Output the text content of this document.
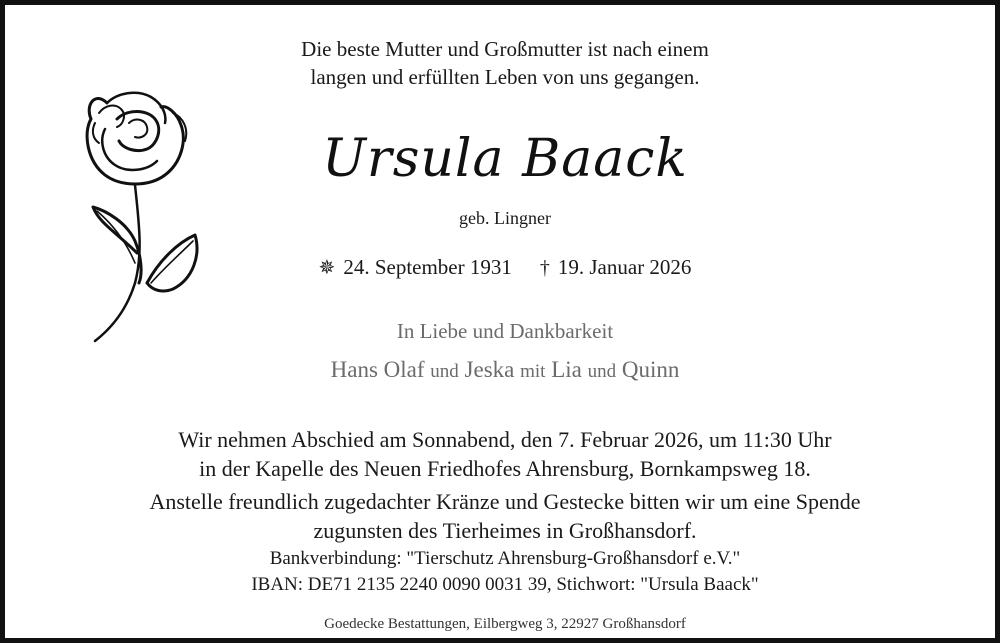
Die beste Mutter und Großmutter ist nach einem
langen und erfüllten Leben von uns gegangen.
Ursula Baack
geb. Lingner
✵ 24. September 1931 † 19. Januar 2026
In Liebe und Dankbarkeit
Hans Olaf und Jeska mit Lia und Quinn
Wir nehmen Abschied am Sonnabend, den 7. Februar 2026, um 11:30 Uhr
in der Kapelle des Neuen Friedhofes Ahrensburg, Bornkampsweg 18.
Anstelle freundlich zugedachter Kränze und Gestecke bitten wir um eine Spende
zugunsten des Tierheimes in Großhansdorf.
Bankverbindung: "Tierschutz Ahrensburg-Großhansdorf e.V."
IBAN: DE71 2135 2240 0090 0031 39, Stichwort: "Ursula Baack"
Goedecke Bestattungen, Eilbergweg 3, 22927 Großhansdorf
